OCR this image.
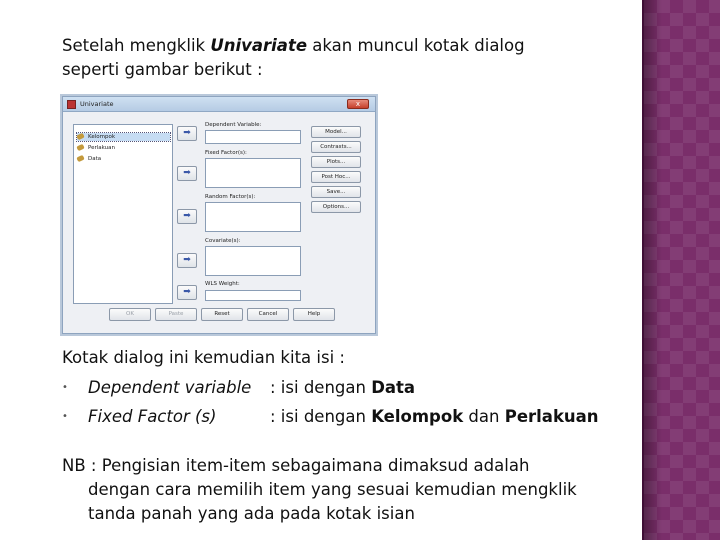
Setelah mengklik Univariate akan muncul kotak dialog
seperti gambar berikut :

Univariate	x
Kelompok
Perlakuan
Data
➡
➡
➡
➡
➡
Dependent Variable:
Fixed Factor(s):
Random Factor(s):
Covariate(s):
WLS Weight:
Model...
Contrasts...
Plots...
Post Hoc...
Save...
Options...
OK	Paste	Reset	Cancel	Help

Kotak dialog ini kemudian kita isi :

• Dependent variable : isi dengan Data
• Fixed Factor (s)	: isi dengan Kelompok dan Perlakuan

NB : Pengisian item-item sebagaimana dimaksud adalah
dengan cara memilih item yang sesuai kemudian mengklik
tanda panah yang ada pada kotak isian
